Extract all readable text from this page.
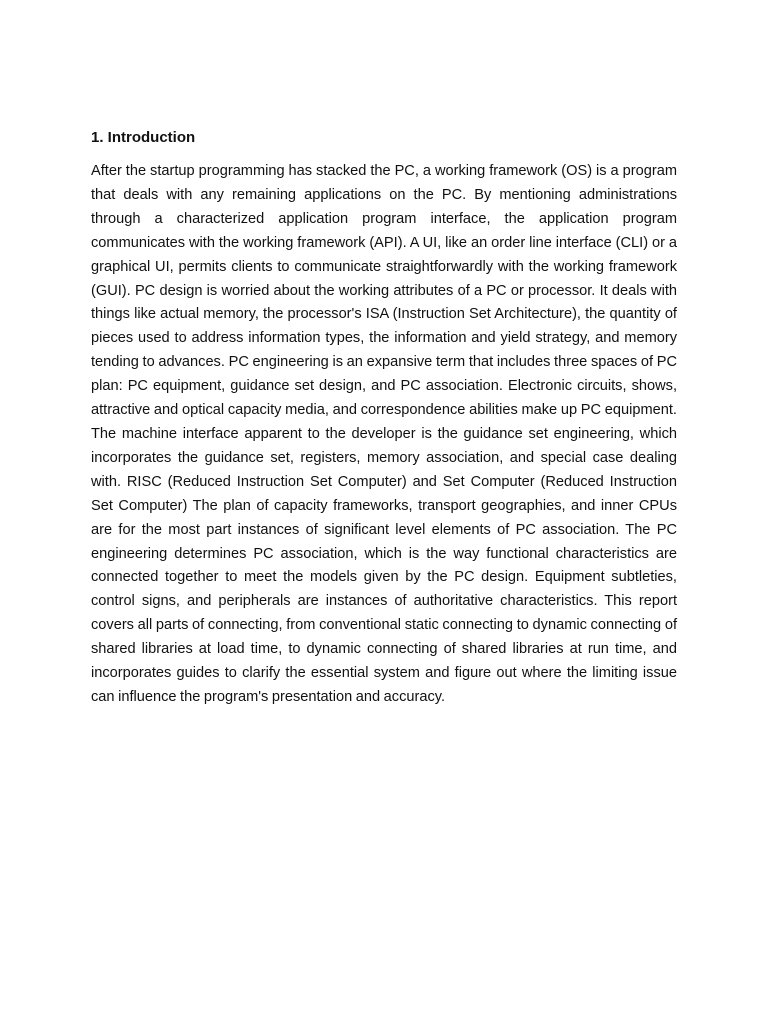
1. Introduction

After the startup programming has stacked the PC, a working framework (OS) is a program that deals with any remaining applications on the PC. By mentioning administrations through a characterized application program interface, the application program communicates with the working framework (API). A UI, like an order line interface (CLI) or a graphical UI, permits clients to communicate straightforwardly with the working framework (GUI). PC design is worried about the working attributes of a PC or processor. It deals with things like actual memory, the processor's ISA (Instruction Set Architecture), the quantity of pieces used to address information types, the information and yield strategy, and memory tending to advances. PC engineering is an expansive term that includes three spaces of PC plan: PC equipment, guidance set design, and PC association. Electronic circuits, shows, attractive and optical capacity media, and correspondence abilities make up PC equipment. The machine interface apparent to the developer is the guidance set engineering, which incorporates the guidance set, registers, memory association, and special case dealing with. RISC (Reduced Instruction Set Computer) and Set Computer (Reduced Instruction Set Computer) The plan of capacity frameworks, transport geographies, and inner CPUs are for the most part instances of significant level elements of PC association. The PC engineering determines PC association, which is the way functional characteristics are connected together to meet the models given by the PC design. Equipment subtleties, control signs, and peripherals are instances of authoritative characteristics. This report covers all parts of connecting, from conventional static connecting to dynamic connecting of shared libraries at load time, to dynamic connecting of shared libraries at run time, and incorporates guides to clarify the essential system and figure out where the limiting issue can influence the program's presentation and accuracy.
